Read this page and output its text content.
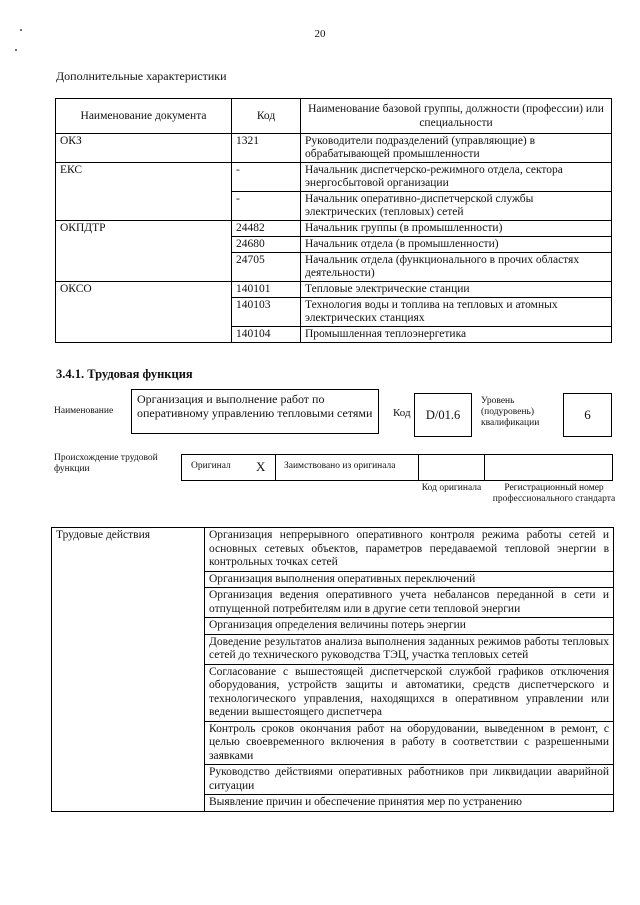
20
Дополнительные характеристики
Наименование документа	Код	Наименование базовой группы, должности (профессии) или специальности
ОКЗ	1321	Руководители подразделений (управляющие) в обрабатывающей промышленности
ЕКС	-	Начальник диспетчерско-режимного отдела, сектора энергосбытовой организации
	-	Начальник оперативно-диспетчерской службы электрических (тепловых) сетей
ОКПДТР	24482	Начальник группы (в промышленности)
	24680	Начальник отдела (в промышленности)
	24705	Начальник отдела (функционального в прочих областях деятельности)
ОКСО	140101	Тепловые электрические станции
	140103	Технология воды и топлива на тепловых и атомных электрических станциях
	140104	Промышленная теплоэнергетика
3.4.1. Трудовая функция
Наименование
Организация и выполнение работ по оперативному управлению тепловыми сетями	Код	D/01.6
Уровень (подуровень) квалификации
6
Происхождение трудовой функции	Оригинал X Заимствовано из оригинала
Код оригинала	Регистрационный номер профессионального стандарта
Трудовые действия	Организация непрерывного оперативного контроля режима работы сетей и основных сетевых объектов, параметров передаваемой тепловой энергии в контрольных точках сетей
Организация выполнения оперативных переключений
Организация ведения оперативного учета небалансов переданной в сети и отпущенной потребителям или в другие сети тепловой энергии
Организация определения величины потерь энергии
Доведение результатов анализа выполнения заданных режимов работы тепловых сетей до технического руководства ТЭЦ, участка тепловых сетей
Согласование с вышестоящей диспетчерской службой графиков отключения оборудования, устройств защиты и автоматики, средств диспетчерского и технологического управления, находящихся в оперативном управлении или ведении вышестоящего диспетчера
Контроль сроков окончания работ на оборудовании, выведенном в ремонт, с целью своевременного включения в работу в соответствии с разрешенными заявками
Руководство действиями оперативных работников при ликвидации аварийной ситуации
Выявление причин и обеспечение принятия мер по устранению
